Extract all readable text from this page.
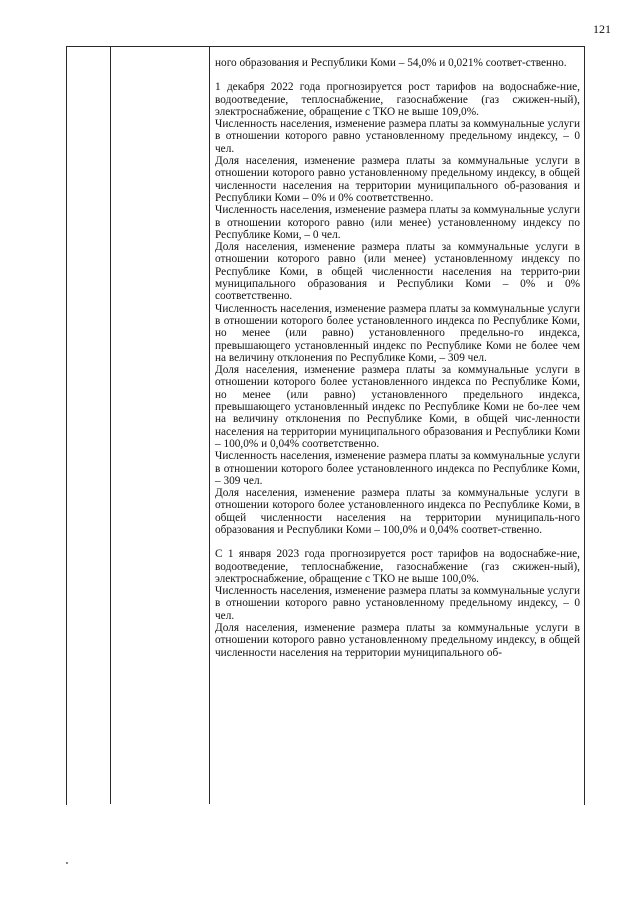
121

ного образования и Республики Коми – 54,0% и 0,021% соответ-ственно.

1 декабря 2022 года прогнозируется рост тарифов на водоснабже-ние, водоотведение, теплоснабжение, газоснабжение (газ сжижен-ный), электроснабжение, обращение с ТКО не выше 109,0%.

Численность населения, изменение размера платы за коммунальные услуги в отношении которого равно установленному предельному индексу, – 0 чел.

Доля населения, изменение размера платы за коммунальные услуги в отношении которого равно установленному предельному индексу, в общей численности населения на территории муниципального об-разования и Республики Коми – 0% и 0% соответственно.

Численность населения, изменение размера платы за коммунальные услуги в отношении которого равно (или менее) установленному индексу по Республике Коми, – 0 чел.

Доля населения, изменение размера платы за коммунальные услуги в отношении которого равно (или менее) установленному индексу по Республике Коми, в общей численности населения на террито-рии муниципального образования и Республики Коми – 0% и 0% соответственно.

Численность населения, изменение размера платы за коммунальные услуги в отношении которого более установленного индекса по Республике Коми, но менее (или равно) установленного предельно-го индекса, превышающего установленный индекс по Республике Коми не более чем на величину отклонения по Республике Коми, – 309 чел.

Доля населения, изменение размера платы за коммунальные услуги в отношении которого более установленного индекса по Республике Коми, но менее (или равно) установленного предельного индекса, превышающего установленный индекс по Республике Коми не бо-лее чем на величину отклонения по Республике Коми, в общей чис-ленности населения на территории муниципального образования и Республики Коми – 100,0% и 0,04% соответственно.

Численность населения, изменение размера платы за коммунальные услуги в отношении которого более установленного индекса по Республике Коми, – 309 чел.

Доля населения, изменение размера платы за коммунальные услуги в отношении которого более установленного индекса по Республике Коми, в общей численности населения на территории муниципаль-ного образования и Республики Коми – 100,0% и 0,04% соответ-ственно.

С 1 января 2023 года прогнозируется рост тарифов на водоснабже-ние, водоотведение, теплоснабжение, газоснабжение (газ сжижен-ный), электроснабжение, обращение с ТКО не выше 100,0%.

Численность населения, изменение размера платы за коммунальные услуги в отношении которого равно установленному предельному индексу, – 0 чел.

Доля населения, изменение размера платы за коммунальные услуги в отношении которого равно установленному предельному индексу, в общей численности населения на территории муниципального об-
